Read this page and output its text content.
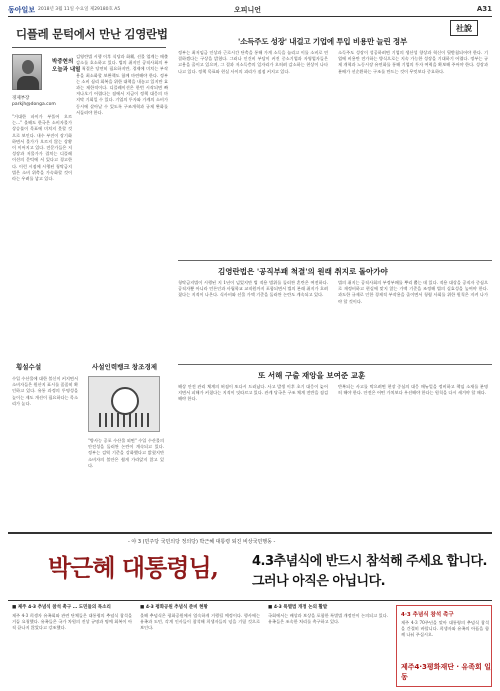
동아일보 2018년 3월 11일 수요일 제29180호 A5	오피니언	A31
디플레 문턱에서 만난 김영란법
박중현의
오늘과 내일
경제부장
parkjh@donga.com
"거대한 파이가 부풀어 오르는…" 올해도 한국은 소비자물가 상승률이 목표에 미치지 못할 것으로 보인다. 내수 부진이 장기화하면서 물가가 오르지 않는 상황이 이어지고 있다. 전문가들은 저성장과 저물가가 겹치는 디플레이션의 문턱에 서 있다고 경고한다. 이런 시점에 시행된 청탁금지법은 소비 위축을 가속화할 것이라는 우려를 낳고 있다.
김영란법 시행 이후 식당과 화훼, 선물 업계는 매출 감소를 호소하고 있다. 법의 취지인 공직사회의 부패 척결은 당연히 필요하지만, 경제에 미치는 부작용을 최소화할 보완책도 함께 마련해야 한다. 정부는 소비 심리 회복을 위한 대책을 내놓고 있지만 효과는 제한적이다. 디플레이션은 한번 시작되면 빠져나오기 어렵다는 점에서 지금이 정책 대응의 마지막 기회일 수 있다. 기업의 투자와 가계의 소비가 동시에 살아날 수 있도록 구조개혁과 규제 완화를 서둘러야 한다.
社說
'소득주도 성장' 내걸고 기업에 투입 비용만 늘린 정부
정부는 최저임금 인상과 근로시간 단축을 통해 가계 소득을 늘리고 이를 소비로 연결하겠다는 구상을 밝혔다. 그러나 인건비 부담이 커진 중소기업과 자영업자들은 고용을 줄이고 있으며, 그 결과 저소득층의 일자리가 오히려 감소하는 현상이 나타나고 있다. 정책 목표와 현실 사이의 괴리가 점점 커지고 있다.
소득주도 성장이 성공하려면 기업의 생산성 향상과 혁신이 뒷받침되어야 한다. 기업에 비용만 전가하는 방식으로는 지속 가능한 성장을 기대하기 어렵다. 정부는 규제 개혁과 노동시장 유연화를 통해 기업의 투자 여력을 확보해 주어야 한다. 성장과 분배가 선순환하는 구조를 만드는 것이 무엇보다 중요하다.
김영란법은 '공직부패 척결'의 원래 취지로 돌아가야
청탁금지법이 시행된 지 1년이 넘었지만 법 적용 범위를 둘러싼 혼란은 여전하다. 공직자뿐 아니라 언론인과 사립학교 교직원까지 포함되면서 법의 본래 취지가 흐려졌다는 지적이 나온다. 식사비와 선물 가액 기준을 둘러싼 논란도 계속되고 있다.
법의 취지는 공직사회의 부정부패를 뿌리 뽑는 데 있다. 적용 대상을 공직자 중심으로 재정비하고 현실에 맞지 않는 가액 기준을 조정해 법의 실효성을 높여야 한다. 과도한 규제로 인한 경제적 부작용을 줄이면서 청렴 사회를 위한 원칙은 지켜 나가야 할 것이다.
또 서해 구출 재앙을 보여준 교훈
해상 안전 관리 체계의 허점이 또다시 드러났다. 사고 발생 이후 초기 대응이 늦어지면서 피해가 커졌다는 지적이 잇따르고 있다. 관계 당국은 구조 체계 전반을 점검해야 한다.
반복되는 사고를 막으려면 현장 중심의 대응 매뉴얼을 정비하고 책임 소재를 분명히 해야 한다. 안전은 어떤 가치보다 우선해야 한다는 원칙을 다시 새겨야 할 때다.
횡설수설	사설인력뱅크 창조경제
수입 수산물에 대한 불신이 커지면서 소비자들은 원산지 표시를 꼼꼼히 확인하고 있다. 유통 과정의 투명성을 높이는 제도 개선이 필요하다는 목소리가 높다.
"방사능 공포 수산물 외면" 수입 수산물의 안전성을 둘러싼 논란이 계속되고 있다. 정부는 검역 기준을 강화했다고 밝혔지만 소비자의 불안은 쉽게 가라앉지 않고 있다.
- 야 3 (민주당 국민의당 정의당) 박근혜 대통령 퇴진 비상국민행동 -
박근혜 대통령님,	4.3추념식에 반드시 참석해 주세요 합니다.
그러나 아직은 아닙니다.
■ 제주 4·3 추념식 참석 촉구 … 도민들의 목소리
제주 4·3 희생자 유족회와 관련 단체들은 대통령의 추념식 참석을 거듭 요청했다. 유족들은 국가 차원의 진상 규명과 명예 회복이 아직 끝나지 않았다고 강조했다.
■ 4·3 평화공원 추념식 준비 현황
올해 추념식은 평화공원에서 엄숙하게 거행될 예정이다. 행사에는 유족과 도민, 각계 인사들이 참석해 희생자들의 넋을 기릴 것으로 보인다.
■ 4·3 특별법 개정 논의 활발
국회에서는 배상과 보상을 포함한 특별법 개정안이 논의되고 있다. 유족들은 조속한 처리를 촉구하고 있다.
4·3 추념식 참석 촉구
제주 4·3 70주년을 맞아 대통령의 추념식 참석을 간절히 바랍니다. 희생자와 유족의 아픔을 함께 나눠 주십시오.
제주4·3평화재단 · 유족회 일동
